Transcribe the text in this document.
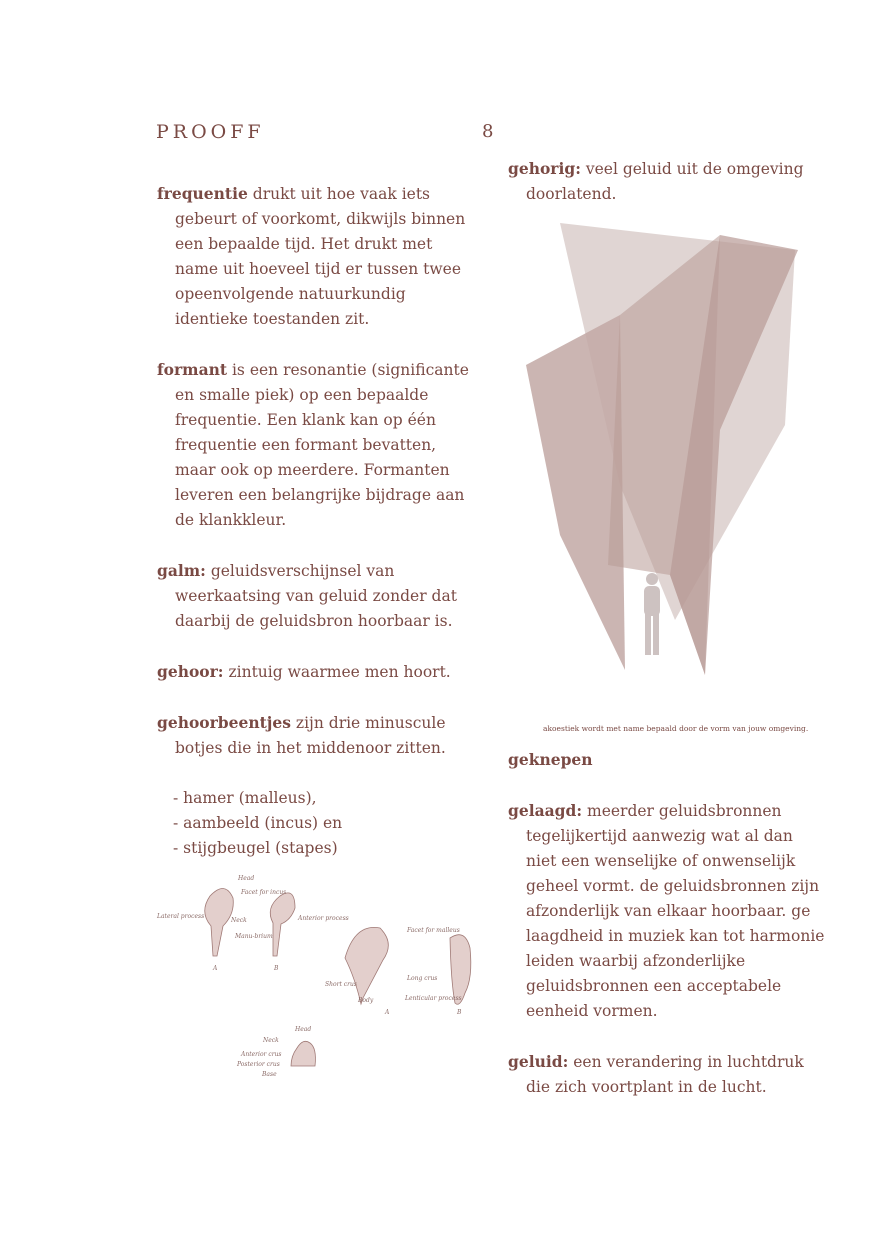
PROOFF	8

frequentie drukt uit hoe vaak iets gebeurt of voorkomt, dikwijls binnen een bepaalde tijd. Het drukt met name uit hoeveel tijd er tussen twee opeenvolgende natuurkundig identieke toestanden zit.

formant is een resonantie (significante en smalle piek) op een bepaalde frequentie. Een klank kan op één frequentie een formant bevatten, maar ook op meerdere. Formanten leveren een belangrijke bijdrage aan de klankkleur.

galm: geluidsverschijnsel van weerkaatsing van geluid zonder dat daarbij de geluidsbron hoorbaar is.

gehoor: zintuig waarmee men hoort.

gehoorbeentjes zijn drie minuscule botjes die in het middenoor zitten.

- hamer (malleus),
- aambeeld (incus) en
- stijgbeugel (stapes)

gehorig: veel geluid uit de omgeving doorlatend.

geknepen

gelaagd: meerder geluidsbronnen tegelijkertijd aanwezig wat al dan niet een wenselijke of onwenselijk geheel vormt. de geluidsbronnen zijn afzonderlijk van elkaar hoorbaar. ge laagdheid in muziek kan tot harmonie leiden waarbij afzonderlijke geluidsbronnen een acceptabele eenheid vormen.

geluid: een verandering in luchtdruk die zich voortplant in de lucht.

akoestiek wordt met name bepaald door de vorm van jouw omgeving.
Head
Facet for incus
Lateral process
Neck	Anterior process
Manu-brium
A	B
Facet for malleus
Short crus
Long crus
Body	Lenticular process
A	B
Head
Neck
Anterior crus
Posterior crus
Base
